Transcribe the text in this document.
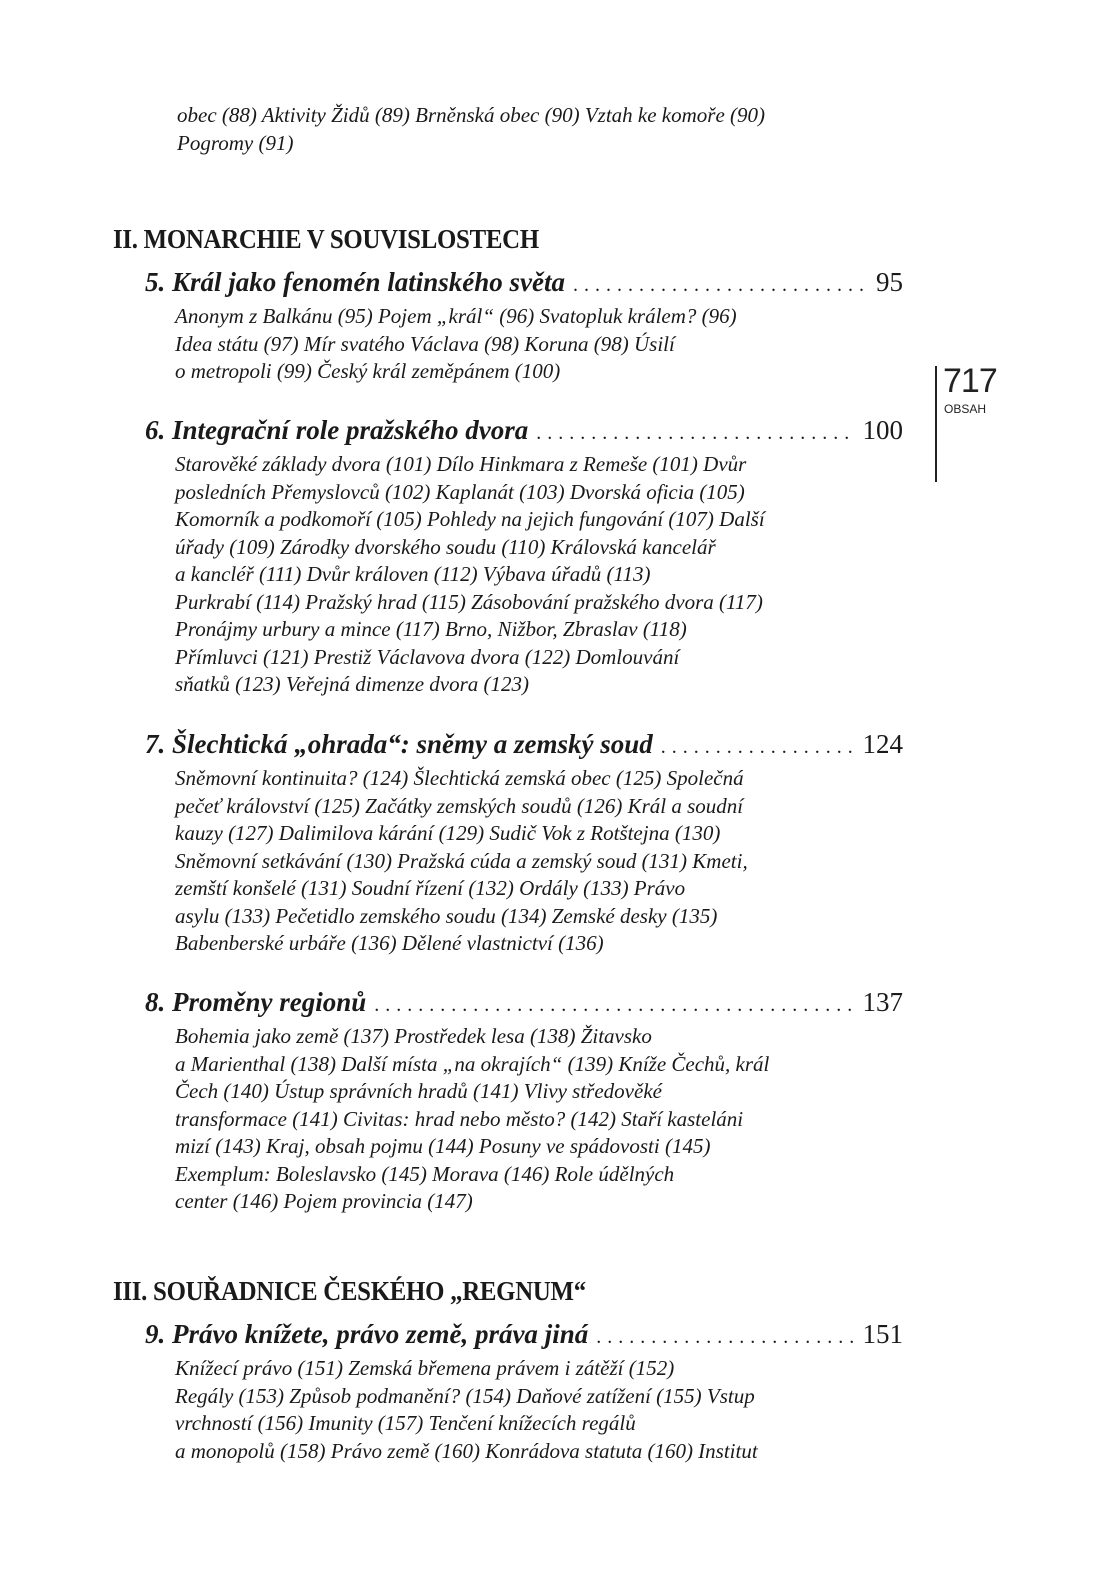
obec (88) Aktivity Židů (89) Brněnská obec (90) Vztah ke komoře (90)
Pogromy (91)
II. MONARCHIE V SOUVISLOSTECH
5.
Král jako fenomén latinského světa . . .	95
Anonym z Balkánu (95) Pojem „král“ (96) Svatopluk králem? (96)
Idea státu (97) Mír svatého Václava (98) Koruna (98) Úsilí
o metropoli (99) Český král zeměpánem (100)
6.
Integrační role pražského dvora . . .	100
Starověké základy dvora (101) Dílo Hinkmara z Remeše (101) Dvůr
posledních Přemyslovců (102) Kaplanát (103) Dvorská oficia (105)
Komorník a podkomoří (105) Pohledy na jejich fungování (107) Další
úřady (109) Zárodky dvorského soudu (110) Královská kancelář
a kancléř (111) Dvůr královen (112) Výbava úřadů (113)
Purkrabí (114) Pražský hrad (115) Zásobování pražského dvora (117)
Pronájmy urbury a mince (117) Brno, Nižbor, Zbraslav (118)
Přímluvci (121) Prestiž Václavova dvora (122) Domlouvání
sňatků (123) Veřejná dimenze dvora (123)
7.
Šlechtická „ohrada“: sněmy a zemský soud . . .	124
Sněmovní kontinuita? (124) Šlechtická zemská obec (125) Společná
pečeť království (125) Začátky zemských soudů (126) Král a soudní
kauzy (127) Dalimilova kárání (129) Sudič Vok z Rotštejna (130)
Sněmovní setkávání (130) Pražská cúda a zemský soud (131) Kmeti,
zemští konšelé (131) Soudní řízení (132) Ordály (133) Právo
asylu (133) Pečetidlo zemského soudu (134) Zemské desky (135)
Babenberské urbáře (136) Dělené vlastnictví (136)
8.
Proměny regionů . . .	137
Bohemia jako země (137) Prostředek lesa (138) Žitavsko
a Marienthal (138) Další místa „na okrajích“ (139) Kníže Čechů, král
Čech (140) Ústup správních hradů (141) Vlivy středověké
transformace (141) Civitas: hrad nebo město? (142) Staří kasteláni
mizí (143) Kraj, obsah pojmu (144) Posuny ve spádovosti (145)
Exemplum: Boleslavsko (145) Morava (146) Role údělných
center (146) Pojem provincia (147)
III. SOUŘADNICE ČESKÉHO „REGNUM“
9.
Právo knížete, právo země, práva jiná . . .	151
Knížecí právo (151) Zemská břemena právem i zátěží (152)
Regály (153) Způsob podmanění? (154) Daňové zatížení (155) Vstup
vrchností (156) Imunity (157) Tenčení knížecích regálů
a monopolů (158) Právo země (160) Konrádova statuta (160) Institut
717
OBSAH
